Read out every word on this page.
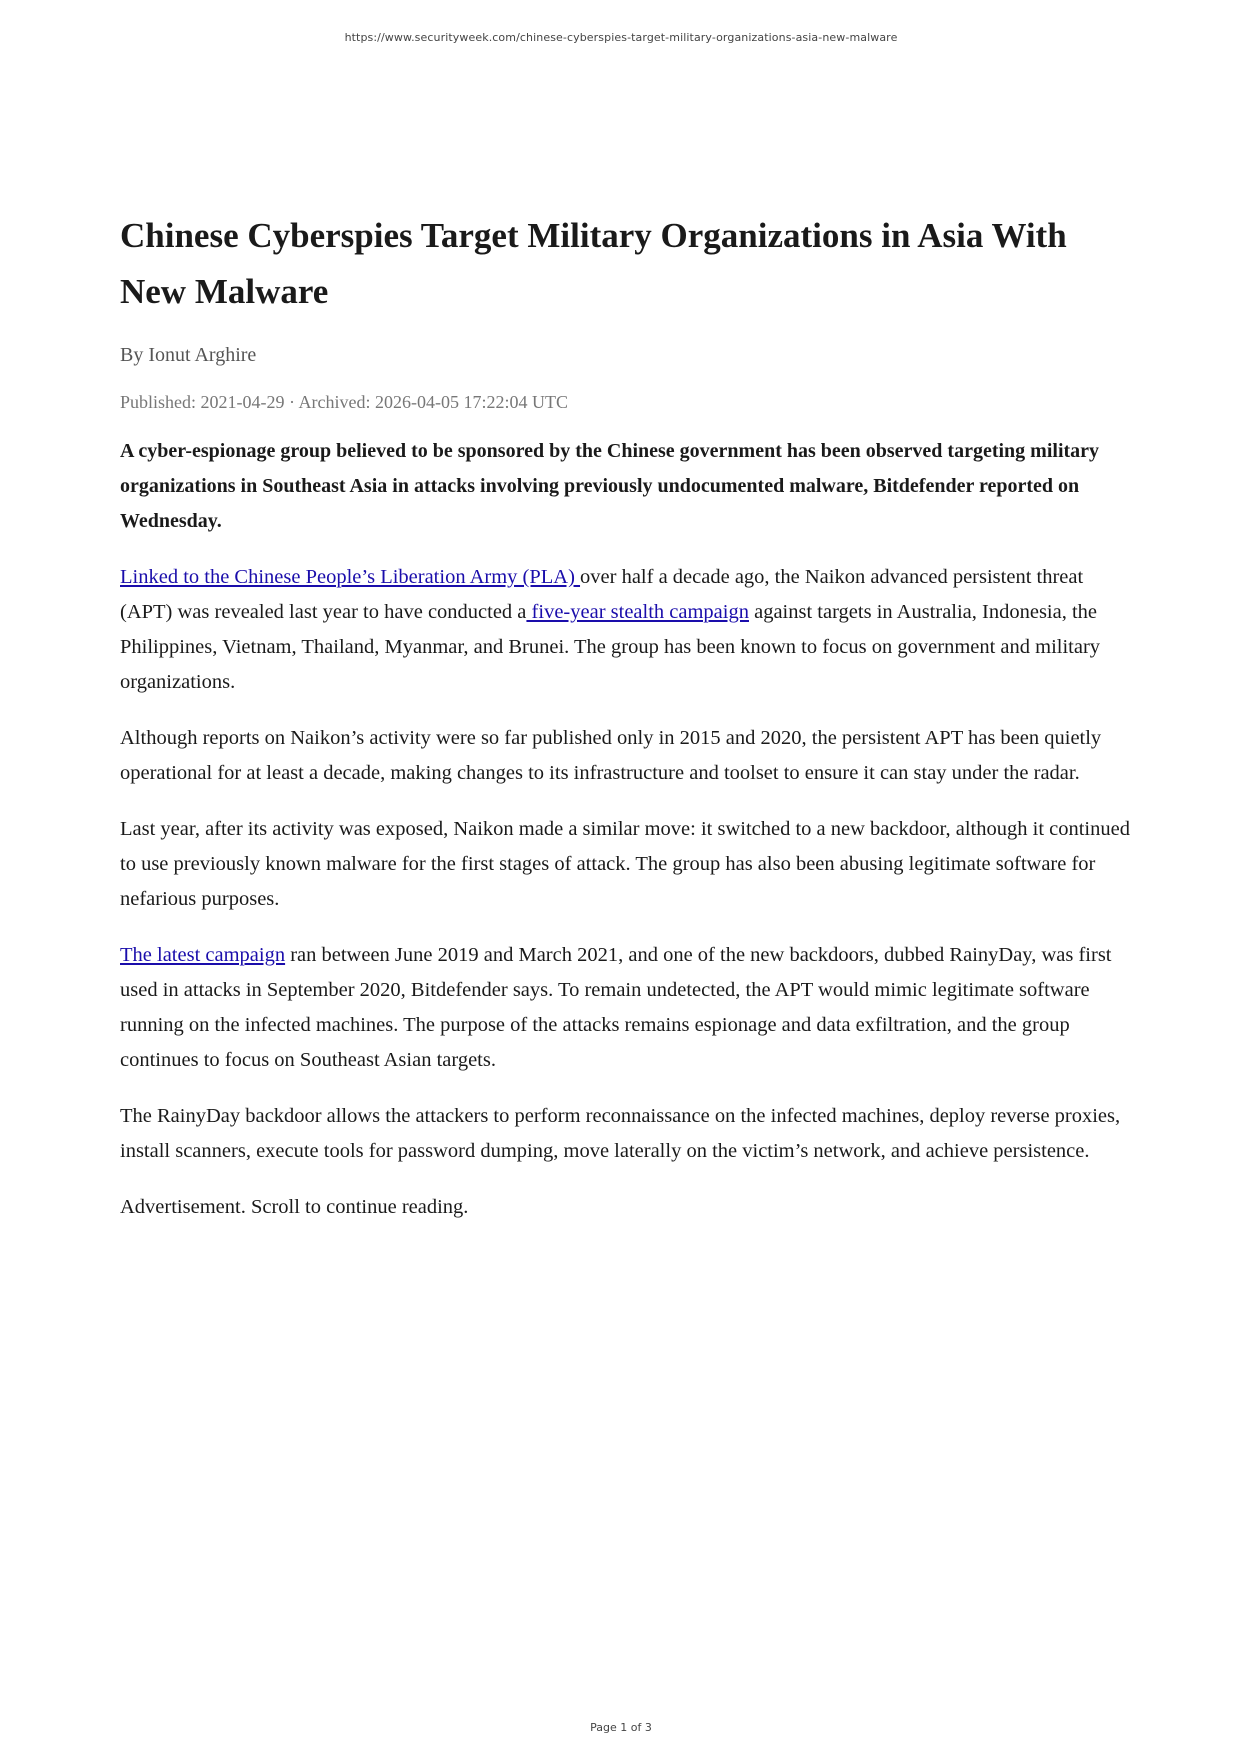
https://www.securityweek.com/chinese-cyberspies-target-military-organizations-asia-new-malware
Chinese Cyberspies Target Military Organizations in Asia With New Malware

By Ionut Arghire

Published: 2021-04-29 · Archived: 2026-04-05 17:22:04 UTC

A cyber-espionage group believed to be sponsored by the Chinese government has been observed targeting military organizations in Southeast Asia in attacks involving previously undocumented malware, Bitdefender reported on Wednesday.

Linked to the Chinese People’s Liberation Army (PLA) over half a decade ago, the Naikon advanced persistent threat (APT) was revealed last year to have conducted a five-year stealth campaign against targets in Australia, Indonesia, the Philippines, Vietnam, Thailand, Myanmar, and Brunei. The group has been known to focus on government and military organizations.

Although reports on Naikon’s activity were so far published only in 2015 and 2020, the persistent APT has been quietly operational for at least a decade, making changes to its infrastructure and toolset to ensure it can stay under the radar.

Last year, after its activity was exposed, Naikon made a similar move: it switched to a new backdoor, although it continued to use previously known malware for the first stages of attack. The group has also been abusing legitimate software for nefarious purposes.

The latest campaign ran between June 2019 and March 2021, and one of the new backdoors, dubbed RainyDay, was first used in attacks in September 2020, Bitdefender says. To remain undetected, the APT would mimic legitimate software running on the infected machines. The purpose of the attacks remains espionage and data exfiltration, and the group continues to focus on Southeast Asian targets.

The RainyDay backdoor allows the attackers to perform reconnaissance on the infected machines, deploy reverse proxies, install scanners, execute tools for password dumping, move laterally on the victim’s network, and achieve persistence.

Advertisement. Scroll to continue reading.

Page 1 of 3
